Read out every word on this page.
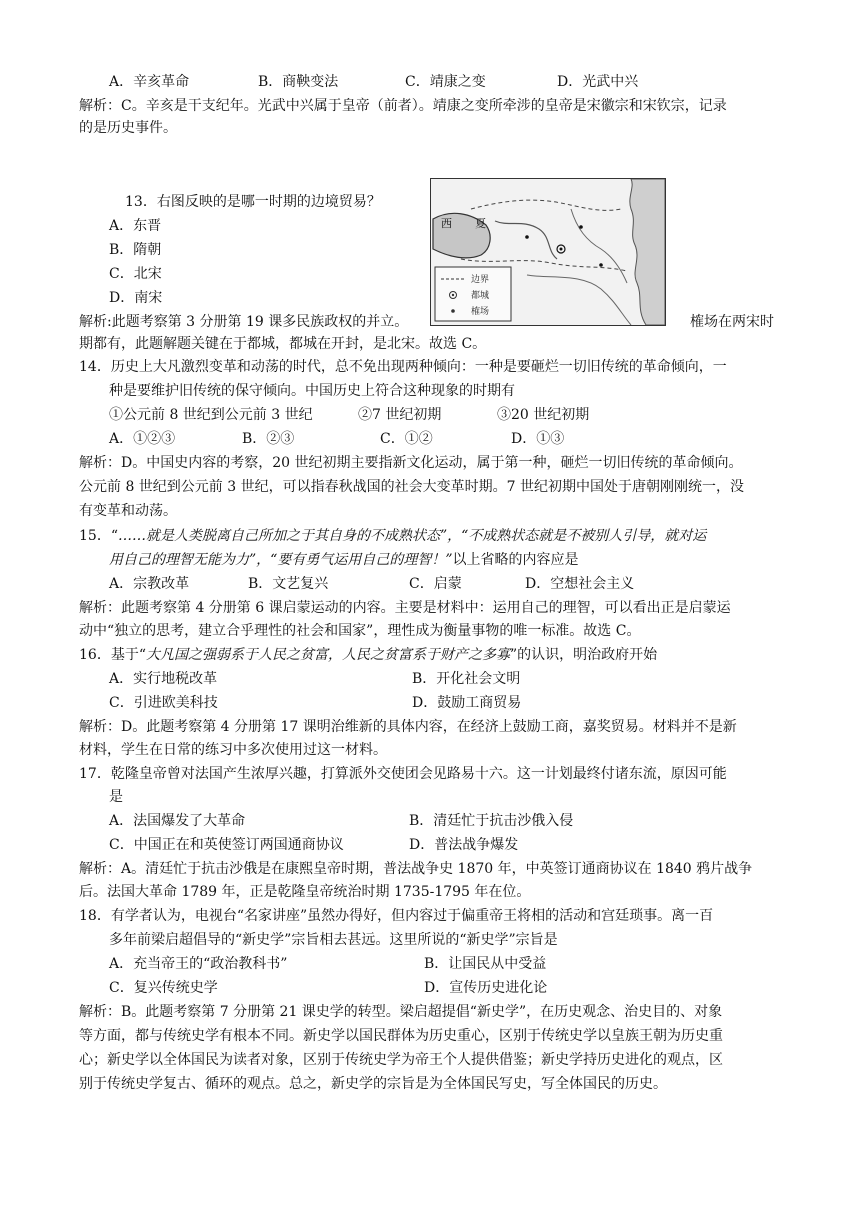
A．辛亥革命	B．商鞅变法	C．靖康之变	D．光武中兴
解析：C。辛亥是干支纪年。光武中兴属于皇帝（前者）。靖康之变所牵涉的皇帝是宋徽宗和宋钦宗，记录
的是历史事件。
13．右图反映的是哪一时期的边境贸易？
A．东晋
B．隋朝
C．北宋
D．南宋
西 夏
边界
都城
榷场
解析:此题考察第 3 分册第 19 课多民族政权的并立。	榷场在两宋时
期都有，此题解题关键在于都城，都城在开封，是北宋。故选 C。
14．历史上大凡激烈变革和动荡的时代，总不免出现两种倾向：一种是要砸烂一切旧传统的革命倾向，一
种是要维护旧传统的保守倾向。中国历史上符合这种现象的时期有
①公元前 8 世纪到公元前 3 世纪	②7 世纪初期	③20 世纪初期
A．①②③	B．②③	C．①②	D．①③
解析：D。中国史内容的考察，20 世纪初期主要指新文化运动，属于第一种，砸烂一切旧传统的革命倾向。
公元前 8 世纪到公元前 3 世纪，可以指春秋战国的社会大变革时期。7 世纪初期中国处于唐朝刚刚统一，没
有变革和动荡。
15．“……就是人类脱离自己所加之于其自身的不成熟状态”，“不成熟状态就是不被别人引导，就对运
用自己的理智无能为力”，“要有勇气运用自己的理智！”以上省略的内容应是
A．宗教改革	B．文艺复兴	C．启蒙	D．空想社会主义
解析：此题考察第 4 分册第 6 课启蒙运动的内容。主要是材料中：运用自己的理智，可以看出正是启蒙运
动中“独立的思考，建立合乎理性的社会和国家”，理性成为衡量事物的唯一标准。故选 C。
16．基于“大凡国之强弱系于人民之贫富，人民之贫富系于财产之多寡”的认识，明治政府开始
A．实行地税改革	B．开化社会文明
C．引进欧美科技	D．鼓励工商贸易
解析：D。此题考察第 4 分册第 17 课明治维新的具体内容，在经济上鼓励工商，嘉奖贸易。材料并不是新
材料，学生在日常的练习中多次使用过这一材料。
17．乾隆皇帝曾对法国产生浓厚兴趣，打算派外交使团会见路易十六。这一计划最终付诸东流，原因可能
是
A．法国爆发了大革命	B．清廷忙于抗击沙俄入侵
C．中国正在和英使签订两国通商协议	D．普法战争爆发
解析：A。清廷忙于抗击沙俄是在康熙皇帝时期，普法战争史 1870 年，中英签订通商协议在 1840 鸦片战争
后。法国大革命 1789 年，正是乾隆皇帝统治时期 1735-1795 年在位。
18．有学者认为，电视台“名家讲座”虽然办得好，但内容过于偏重帝王将相的活动和宫廷琐事。离一百
多年前梁启超倡导的“新史学”宗旨相去甚远。这里所说的“新史学”宗旨是
A．充当帝王的“政治教科书”	B．让国民从中受益
C．复兴传统史学	D．宣传历史进化论
解析：B。此题考察第 7 分册第 21 课史学的转型。梁启超提倡“新史学”，在历史观念、治史目的、对象
等方面，都与传统史学有根本不同。新史学以国民群体为历史重心，区别于传统史学以皇族王朝为历史重
心；新史学以全体国民为读者对象，区别于传统史学为帝王个人提供借鉴；新史学持历史进化的观点，区
别于传统史学复古、循环的观点。总之，新史学的宗旨是为全体国民写史，写全体国民的历史。
